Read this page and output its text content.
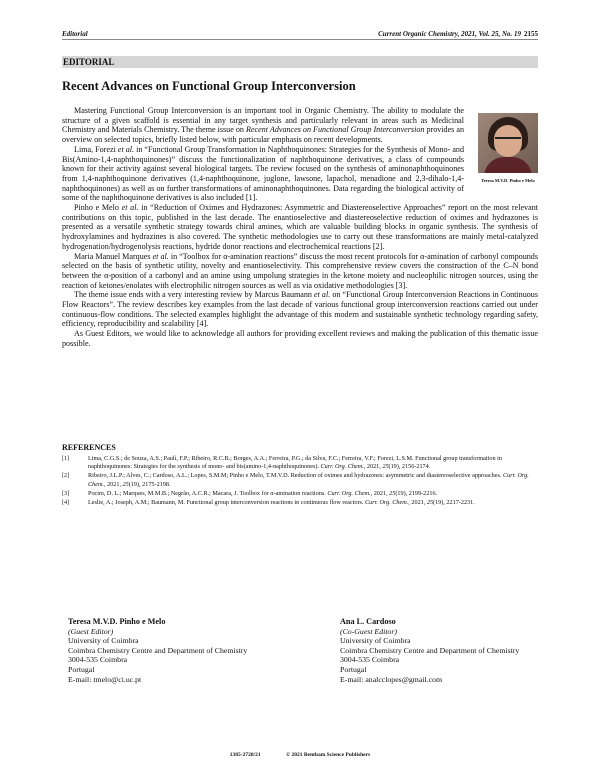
Editorial	Current Organic Chemistry, 2021, Vol. 25, No. 19 2155
EDITORIAL
Recent Advances on Functional Group Interconversion
Teresa M.V.D. Pinho e Melo

Mastering Functional Group Interconversion is an important tool in Organic Chemistry. The ability to modulate the structure of a given scaffold is essential in any target synthesis and particularly relevant in areas such as Medicinal Chemistry and Materials Chemistry. The theme issue on Recent Advances on Functional Group Interconversion provides an overview on selected topics, briefly listed below, with particular emphasis on recent developments.

Lima, Forezi et al. in “Functional Group Transformation in Naphthoquinones: Strategies for the Synthesis of Mono- and Bis(Amino-1,4-naphthoquinones)” discuss the functionalization of naphthoquinone derivatives, a class of compounds known for their activity against several biological targets. The review focused on the synthesis of aminonaphthoquinones from 1,4-naphthoquinone derivatives (1,4-naphthoquinone, juglone, lawsone, lapachol, menadione and 2,3-dihalo-1,4-naphthoquinones) as well as on further transformations of aminonaphthoquinones. Data regarding the biological activity of some of the naphthoquinone derivatives is also included [1].

Pinho e Melo et al. in “Reduction of Oximes and Hydrazones: Asymmetric and Diastereoselective Approaches” report on the most relevant contributions on this topic, published in the last decade. The enantioselective and diastereoselective reduction of oximes and hydrazones is presented as a versatile synthetic strategy towards chiral amines, which are valuable building blocks in organic synthesis. The synthesis of hydroxylamines and hydrazines is also covered. The synthetic methodologies use to carry out these transformations are mainly metal-catalyzed hydrogenation/hydrogenolysis reactions, hydride donor reactions and electrochemical reactions [2].

Maria Manuel Marques et al. in “Toolbox for α-amination reactions” discuss the most recent protocols for α-amination of carbonyl compounds selected on the basis of synthetic utility, novelty and enantioselectivity. This comprehensive review covers the construction of the C–N bond between the α-position of a carbonyl and an amine using umpolung strategies in the ketone moiety and nucleophilic nitrogen sources, using the reaction of ketones/enolates with electrophilic nitrogen sources as well as via oxidative methodologies [3].

The theme issue ends with a very interesting review by Marcus Baumann et al. on “Functional Group Interconversion Reactions in Continuous Flow Reactors”. The review describes key examples from the last decade of various functional group interconversion reactions carried out under continuous-flow conditions. The selected examples highlight the advantage of this modern and sustainable synthetic technology regarding safety, efficiency, reproducibility and scalability [4].

As Guest Editors, we would like to acknowledge all authors for providing excellent reviews and making the publication of this thematic issue possible.

REFERENCES
[1]	Lima, C.G.S.; de Souza, A.S.; Paulí, F.P.; Ribeiro, R.C.B.; Borges, A.A.; Ferreira, P.G.; da Silva, F.C.; Ferreira, V.F.; Forezi, L.S.M. Functional group transformation in naphthoquinones: Strategies for the synthesis of mono- and bis(amino-1,4-naphthoquinones). Curr. Org. Chem., 2021, 25(19), 2156-2174.
[2]	Ribeiro, J.L.P.; Alves, C.; Cardoso, A.L.; Lopes, S.M.M; Pinho e Melo, T.M.V.D. Reduction of oximes and hydrazones: asymmetric and diastereoselective approaches. Curr. Org. Chem., 2021, 25(19), 2175-2198.
[3]	Pocim, D. L.; Marques, M.M.B.; Negrão, A.C.R.; Macara, J. Toolbox for α-amination reactions. Curr. Org. Chem., 2021, 25(19), 2199-2216.
[4]	Leslie, A.; Joseph, A.M.; Baumann, M. Functional group interconversion reactions in continuous flow reactors. Curr. Org. Chem., 2021, 25(19), 2217-2231.
Teresa M.V.D. Pinho e Melo
(Guest Editor)
University of Coimbra
Coimbra Chemistry Centre and Department of Chemistry
3004-535 Coimbra
Portugal
E-mail: tmelo@ci.uc.pt
Ana L. Cardoso
(Co-Guest Editor)
University of Coimbra
Coimbra Chemistry Centre and Department of Chemistry
3004-535 Coimbra
Portugal
E-mail: analcclopes@gmail.com
1385-2728/21	© 2021 Bentham Science Publishers
